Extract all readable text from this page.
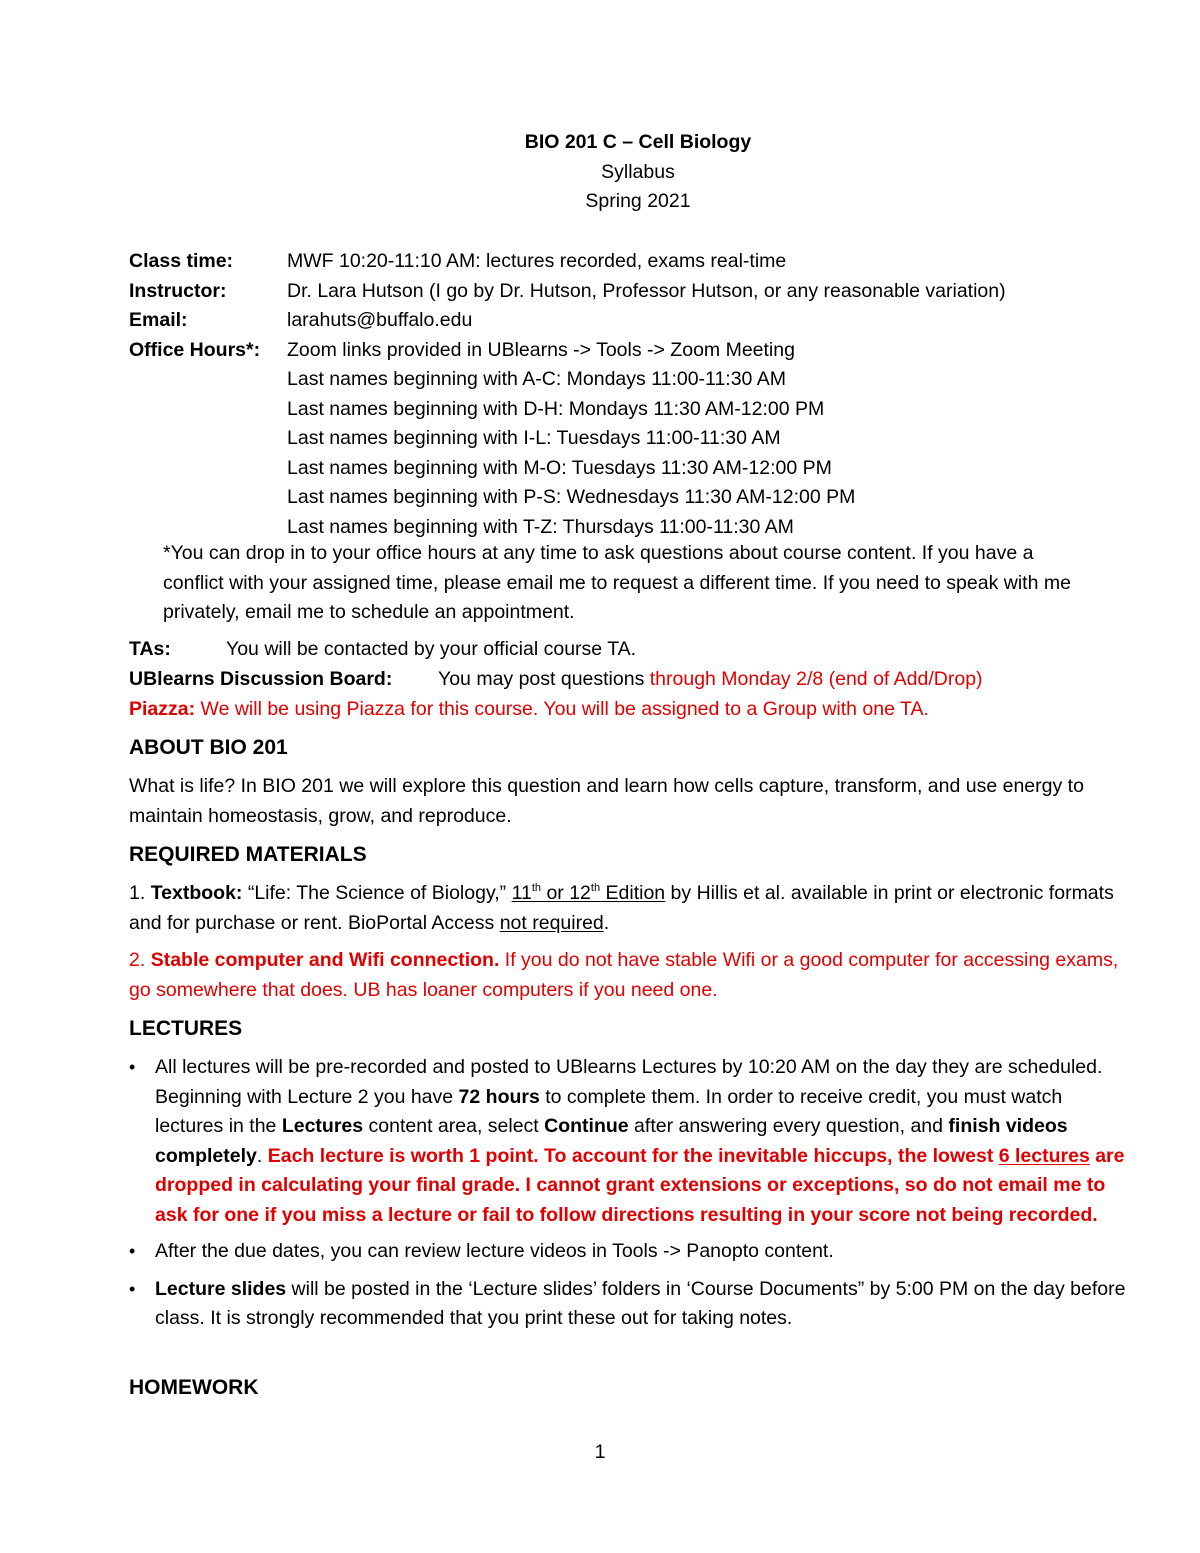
BIO 201 C – Cell Biology
Syllabus
Spring 2021
Class time:	MWF 10:20-11:10 AM: lectures recorded, exams real-time
Instructor:	Dr. Lara Hutson (I go by Dr. Hutson, Professor Hutson, or any reasonable variation)
Email:	larahuts@buffalo.edu
Office Hours*: Zoom links provided in UBlearns -> Tools -> Zoom Meeting
Last names beginning with A-C: Mondays 11:00-11:30 AM
Last names beginning with D-H: Mondays 11:30 AM-12:00 PM
Last names beginning with I-L: Tuesdays 11:00-11:30 AM
Last names beginning with M-O: Tuesdays 11:30 AM-12:00 PM
Last names beginning with P-S: Wednesdays 11:30 AM-12:00 PM
Last names beginning with T-Z: Thursdays 11:00-11:30 AM
*You can drop in to your office hours at any time to ask questions about course content. If you have a conflict with your assigned time, please email me to request a different time. If you need to speak with me privately, email me to schedule an appointment.
TAs:	You will be contacted by your official course TA.
UBlearns Discussion Board: You may post questions through Monday 2/8 (end of Add/Drop)
Piazza: We will be using Piazza for this course. You will be assigned to a Group with one TA.
ABOUT BIO 201
What is life? In BIO 201 we will explore this question and learn how cells capture, transform, and use energy to maintain homeostasis, grow, and reproduce.
REQUIRED MATERIALS
1. Textbook: “Life: The Science of Biology,” 11th or 12th Edition by Hillis et al. available in print or electronic formats and for purchase or rent. BioPortal Access not required.
2. Stable computer and Wifi connection. If you do not have stable Wifi or a good computer for accessing exams, go somewhere that does. UB has loaner computers if you need one.
LECTURES
• All lectures will be pre-recorded and posted to UBlearns Lectures by 10:20 AM on the day they are scheduled. Beginning with Lecture 2 you have 72 hours to complete them. In order to receive credit, you must watch lectures in the Lectures content area, select Continue after answering every question, and finish videos completely. Each lecture is worth 1 point. To account for the inevitable hiccups, the lowest 6 lectures are dropped in calculating your final grade. I cannot grant extensions or exceptions, so do not email me to ask for one if you miss a lecture or fail to follow directions resulting in your score not being recorded.
• After the due dates, you can review lecture videos in Tools -> Panopto content.
• Lecture slides will be posted in the ‘Lecture slides’ folders in ‘Course Documents” by 5:00 PM on the day before class. It is strongly recommended that you print these out for taking notes.
HOMEWORK
1
